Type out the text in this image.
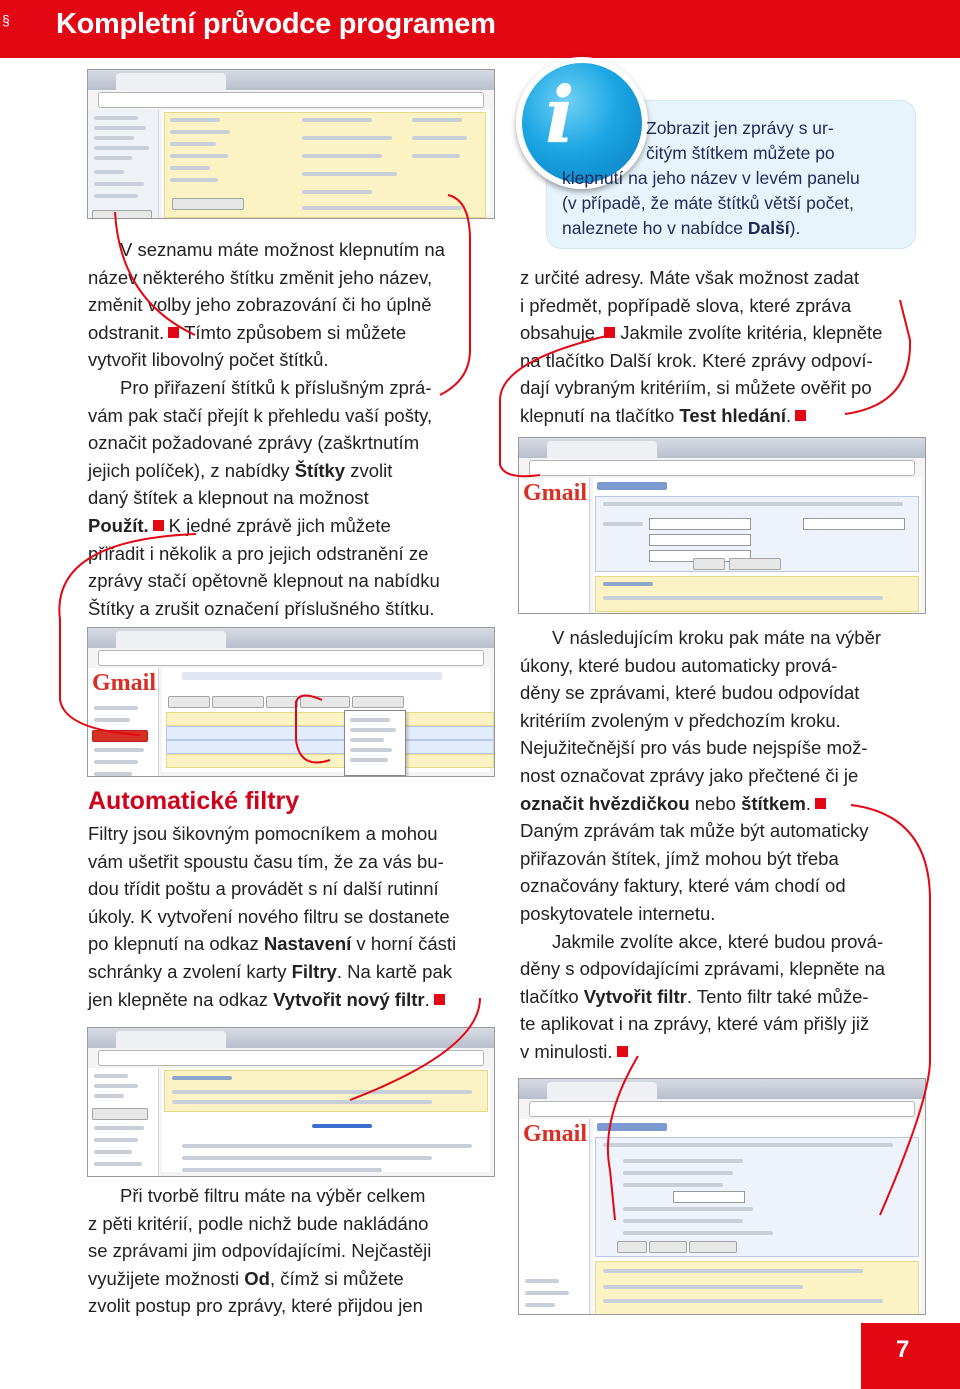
§ Kompletní průvodce programem
i	Zobrazit jen zprávy s ur-
čitým štítkem můžete po
klepnutí na jeho název v levém panelu
(v případě, že máte štítků větší počet,
naleznete ho v nabídce Další).
V seznamu máte možnost klepnutím na
název některého štítku změnit jeho název,
změnit volby jeho zobrazování či ho úplně
odstranit. Tímto způsobem si můžete
vytvořit libovolný počet štítků.
Pro přiřazení štítků k příslušným zprá-
vám pak stačí přejít k přehledu vaší pošty,
označit požadované zprávy (zaškrtnutím
jejich políček), z nabídky Štítky zvolit
daný štítek a klepnout na možnost
Použít. K jedné zprávě jich můžete
přiřadit i několik a pro jejich odstranění ze
zprávy stačí opětovně klepnout na nabídku
Štítky a zrušit označení příslušného štítku.
Gmail
Automatické filtry
Filtry jsou šikovným pomocníkem a mohou
vám ušetřit spoustu času tím, že za vás bu-
dou třídit poštu a provádět s ní další rutinní
úkoly. K vytvoření nového filtru se dostanete
po klepnutí na odkaz Nastavení v horní části
schránky a zvolení karty Filtry. Na kartě pak
jen klepněte na odkaz Vytvořit nový filtr.
Při tvorbě filtru máte na výběr celkem
z pěti kritérií, podle nichž bude nakládáno
se zprávami jim odpovídajícími. Nejčastěji
využijete možnosti Od, čímž si můžete
zvolit postup pro zprávy, které přijdou jen
z určité adresy. Máte však možnost zadat
i předmět, popřípadě slova, které zpráva
obsahuje. Jakmile zvolíte kritéria, klepněte
na tlačítko Další krok. Které zprávy odpoví-
dají vybraným kritériím, si můžete ověřit po
klepnutí na tlačítko Test hledání.
Gmail
V následujícím kroku pak máte na výběr
úkony, které budou automaticky prová-
děny se zprávami, které budou odpovídat
kritériím zvoleným v předchozím kroku.
Nejužitečnější pro vás bude nejspíše mož-
nost označovat zprávy jako přečtené či je
označit hvězdičkou nebo štítkem.
Daným zprávám tak může být automaticky
přiřazován štítek, jímž mohou být třeba
označovány faktury, které vám chodí od
poskytovatele internetu.
Jakmile zvolíte akce, které budou prová-
děny s odpovídajícími zprávami, klepněte na
tlačítko Vytvořit filtr. Tento filtr také může-
te aplikovat i na zprávy, které vám přišly již
v minulosti.
Gmail
7
